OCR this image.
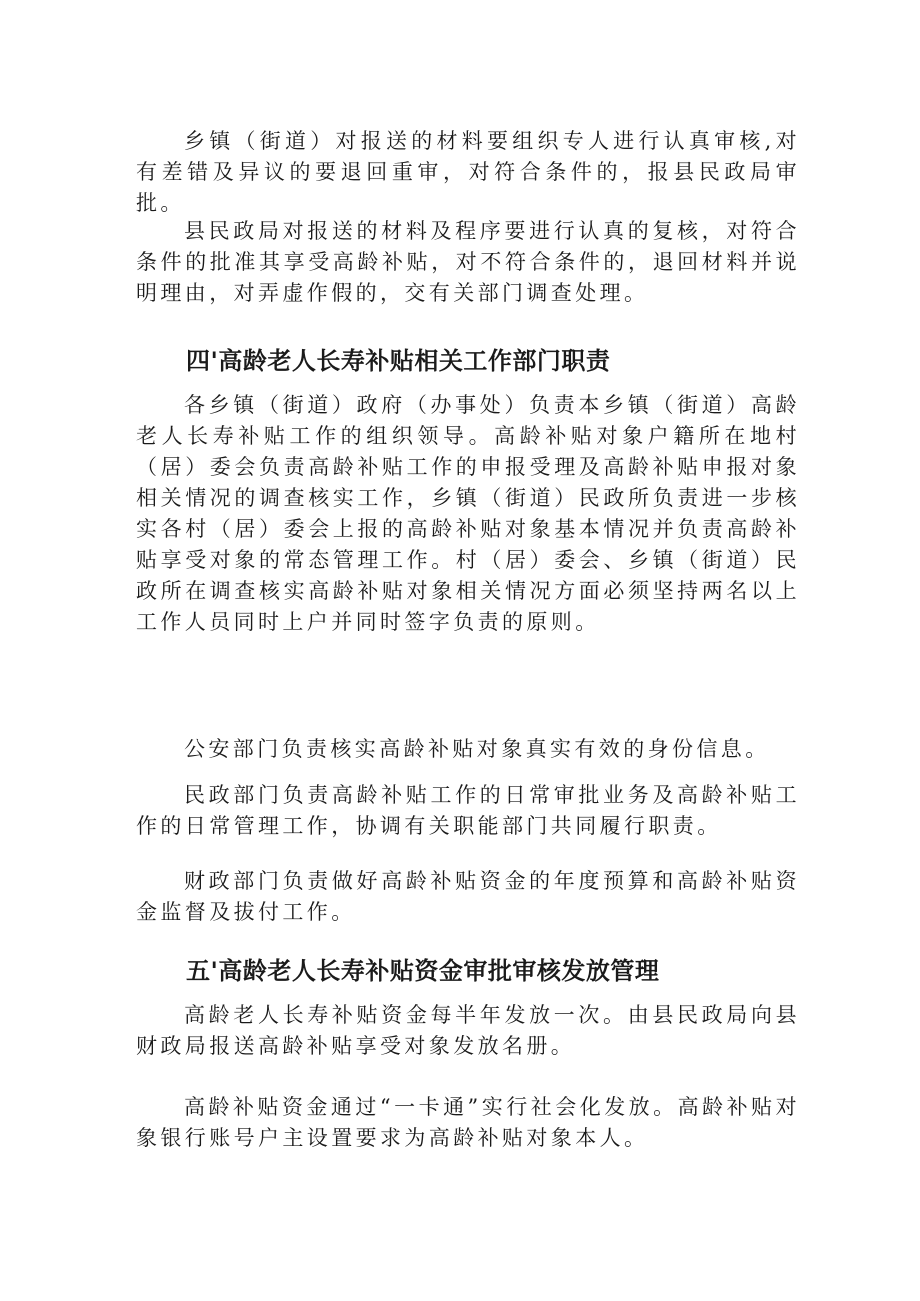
乡镇（街道）对报送的材料要组织专人进行认真审核,对有差错及异议的要退回重审，对符合条件的，报县民政局审批。

县民政局对报送的材料及程序要进行认真的复核，对符合条件的批准其享受高龄补贴，对不符合条件的，退回材料并说明理由，对弄虚作假的，交有关部门调查处理。

四'高龄老人长寿补贴相关工作部门职责

各乡镇（街道）政府（办事处）负责本乡镇（街道）高龄老人长寿补贴工作的组织领导。高龄补贴对象户籍所在地村（居）委会负责高龄补贴工作的申报受理及高龄补贴申报对象相关情况的调查核实工作，乡镇（街道）民政所负责进一步核实各村（居）委会上报的高龄补贴对象基本情况并负责高龄补贴享受对象的常态管理工作。村（居）委会、乡镇（街道）民政所在调查核实高龄补贴对象相关情况方面必须坚持两名以上工作人员同时上户并同时签字负责的原则。

公安部门负责核实高龄补贴对象真实有效的身份信息。

民政部门负责高龄补贴工作的日常审批业务及高龄补贴工作的日常管理工作，协调有关职能部门共同履行职责。

财政部门负责做好高龄补贴资金的年度预算和高龄补贴资金监督及拔付工作。

五'高龄老人长寿补贴资金审批审核发放管理

高龄老人长寿补贴资金每半年发放一次。由县民政局向县财政局报送高龄补贴享受对象发放名册。

高龄补贴资金通过“一卡通”实行社会化发放。高龄补贴对象银行账号户主设置要求为高龄补贴对象本人。
